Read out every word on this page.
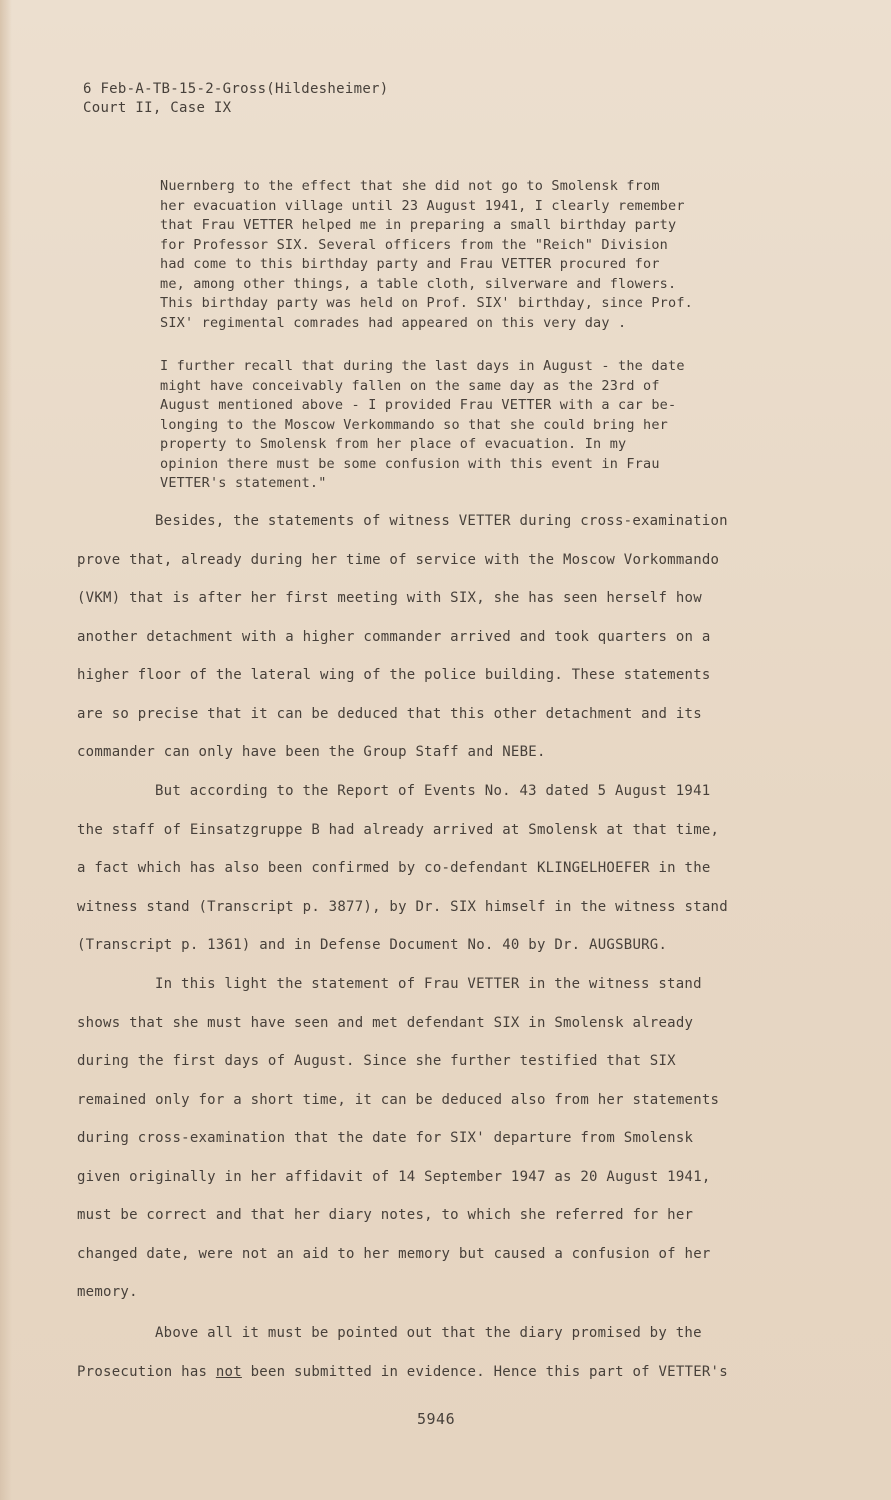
6 Feb-A-TB-15-2-Gross(Hildesheimer)
Court II, Case IX
Nuernberg to the effect that she did not go to Smolensk from
her evacuation village until 23 August 1941, I clearly remember
that Frau VETTER helped me in preparing a small birthday party
for Professor SIX. Several officers from the "Reich" Division
had come to this birthday party and Frau VETTER procured for
me, among other things, a table cloth, silverware and flowers.
This birthday party was held on Prof. SIX' birthday, since Prof.
SIX' regimental comrades had appeared on this very day .
I further recall that during the last days in August - the date
might have conceivably fallen on the same day as the 23rd of
August mentioned above - I provided Frau VETTER with a car be-
longing to the Moscow Verkommando so that she could bring her
property to Smolensk from her place of evacuation. In my
opinion there must be some confusion with this event in Frau
VETTER's statement."
Besides, the statements of witness VETTER during cross-examination
prove that, already during her time of service with the Moscow Vorkommando
(VKM) that is after her first meeting with SIX, she has seen herself how
another detachment with a higher commander arrived and took quarters on a
higher floor of the lateral wing of the police building. These statements
are so precise that it can be deduced that this other detachment and its
commander can only have been the Group Staff and NEBE.
But according to the Report of Events No. 43 dated 5 August 1941
the staff of Einsatzgruppe B had already arrived at Smolensk at that time,
a fact which has also been confirmed by co-defendant KLINGELHOEFER in the
witness stand (Transcript p. 3877), by Dr. SIX himself in the witness stand
(Transcript p. 1361) and in Defense Document No. 40 by Dr. AUGSBURG.
In this light the statement of Frau VETTER in the witness stand
shows that she must have seen and met defendant SIX in Smolensk already
during the first days of August. Since she further testified that SIX
remained only for a short time, it can be deduced also from her statements
during cross-examination that the date for SIX' departure from Smolensk
given originally in her affidavit of 14 September 1947 as 20 August 1941,
must be correct and that her diary notes, to which she referred for her
changed date, were not an aid to her memory but caused a confusion of her
memory.
Above all it must be pointed out that the diary promised by the
Prosecution has not been submitted in evidence. Hence this part of VETTER's
5946
